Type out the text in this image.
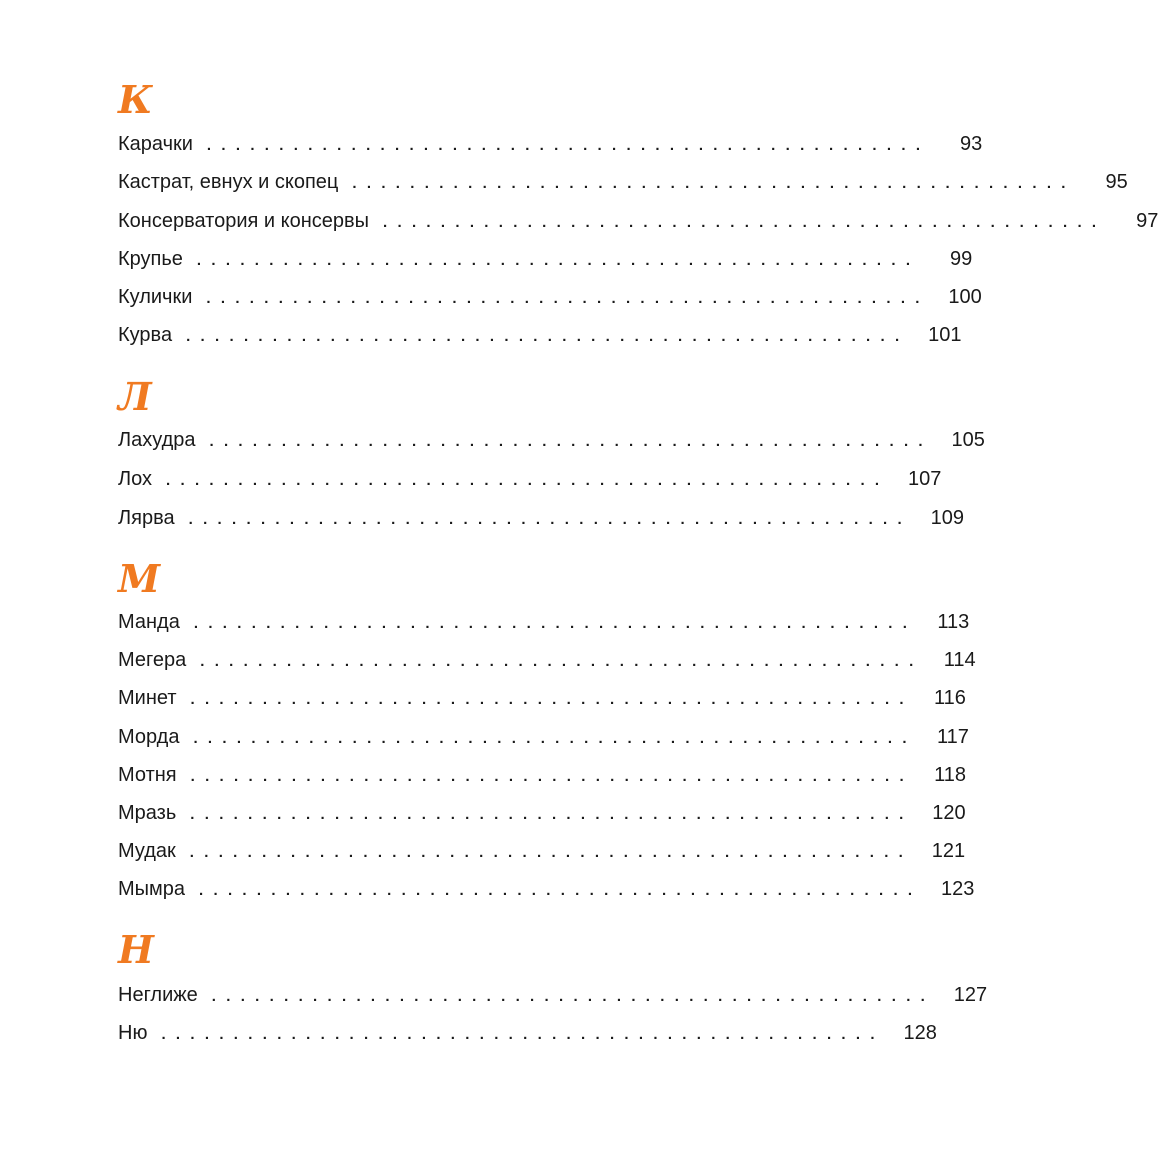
К
Карачки ..................................................	93
Кастрат, евнух и скопец ..................................................	95
Консерватория и консервы ..................................................	97
Крупье ..................................................	99
Кулички .................................................. 100
Курва .................................................. 101
Л
Лахудра .................................................. 105
Лох .................................................. 107
Лярва .................................................. 109
М
Манда .................................................. 113
Мегера .................................................. 114
Минет .................................................. 116
Морда .................................................. 117
Мотня .................................................. 118
Мразь .................................................. 120
Мудак .................................................. 121
Мымра .................................................. 123
Н
Неглиже .................................................. 127
Ню .................................................. 128
